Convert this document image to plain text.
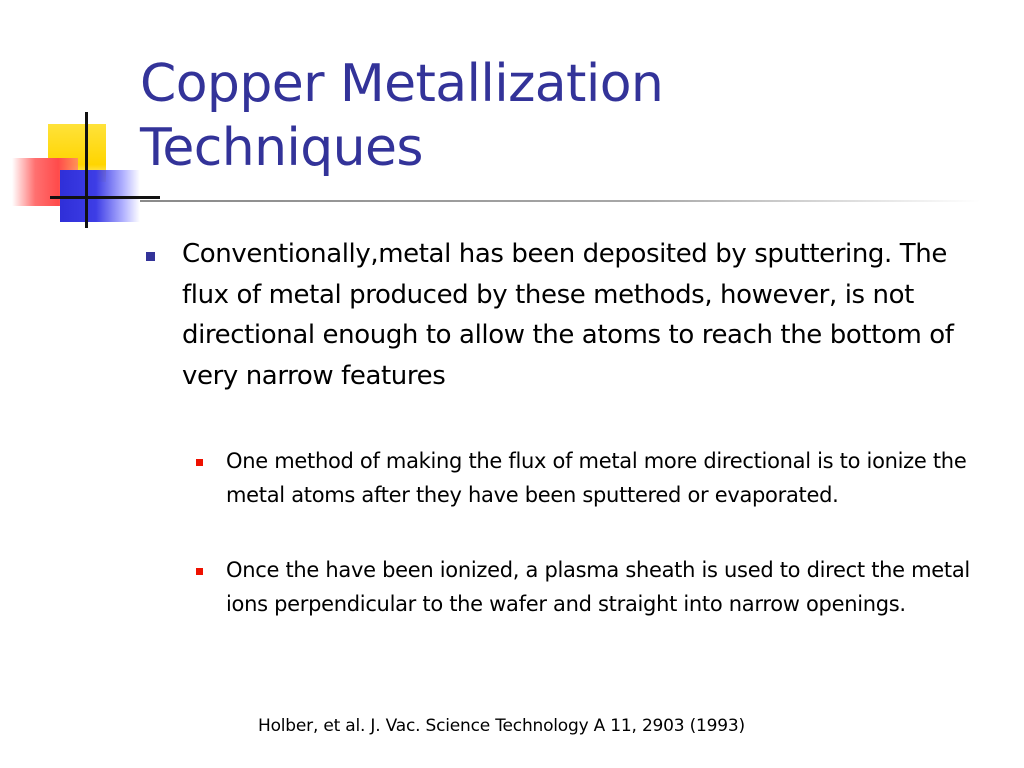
Copper Metallization
Techniques
Conventionally,metal has been deposited by sputtering. The flux of metal produced by these methods, however, is not directional enough to allow the atoms to reach the bottom of very narrow features
One method of making the flux of metal more directional is to ionize the metal atoms after they have been sputtered or evaporated.
Once the have been ionized, a plasma sheath is used to direct the metal ions perpendicular to the wafer and straight into narrow openings.
Holber, et al. J. Vac. Science Technology A 11, 2903 (1993)
